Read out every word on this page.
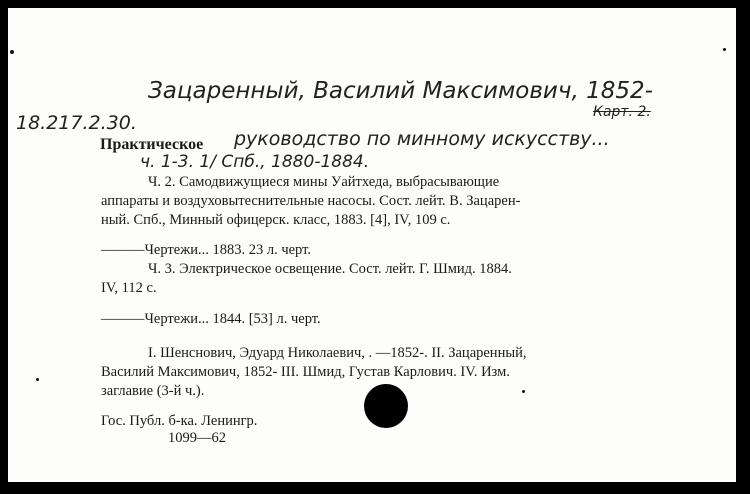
Зацаренный, Василий Максимович, 1852-
Карт. 2.
18.217.2.30.
Практическое руководство по минному искусству...
ч. 1-3. 1/ Спб., 1880-1884.
Ч. 2. Самодвижущиеся мины Уайтхеда, выбрасывающие
аппараты и воздуховытеснительные насосы. Сост. лейт. В. Зацарен-
ный. Спб., Минный офицерск. класс, 1883. [4], IV, 109 с.
———Чертежи... 1883. 23 л. черт.
Ч. 3. Электрическое освещение. Сост. лейт. Г. Шмид. 1884.
IV, 112 с.
———Чертежи... 1844. [53] л. черт.
I. Шенснович, Эдуард Николаевич, . —1852-. II. Зацаренный,
Василий Максимович, 1852- III. Шмид, Густав Карлович. IV. Изм.
заглавие (3-й ч.).
Гос. Публ. б-ка. Ленингр.
1099—62
